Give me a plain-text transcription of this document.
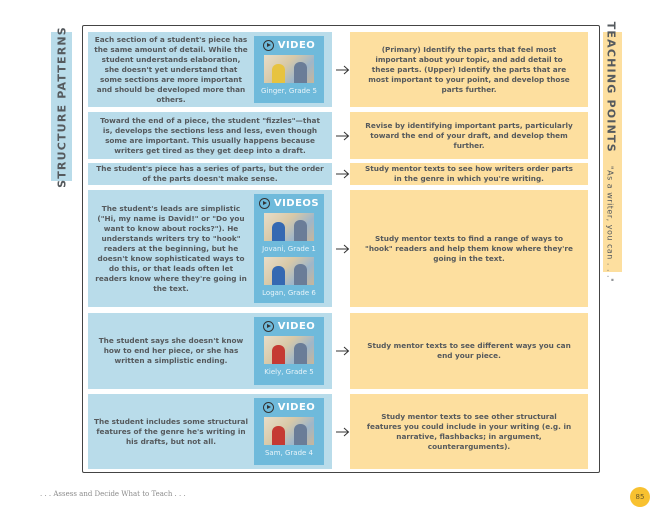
STRUCTURE PATTERNS	TEACHING POINTS "As a writer, you can . . ."
Each section of a student's piece has the same amount of detail. While the student understands elaboration, she doesn't yet understand that some sections are more important and should be developed more than others.
VIDEO
Ginger, Grade 5
(Primary) Identify the parts that feel most important about your topic, and add detail to these parts. (Upper) Identify the parts that are most important to your point, and develop those parts further.
Toward the end of a piece, the student "fizzles"—that is, develops the sections less and less, even though some are important. This usually happens because writers get tired as they get deep into a draft.
Revise by identifying important parts, particularly toward the end of your draft, and develop them further.
The student's piece has a series of parts, but the order of the parts doesn't make sense.
Study mentor texts to see how writers order parts in the genre in which you're writing.
The student's leads are simplistic ("Hi, my name is David!" or "Do you want to know about rocks?"). He understands writers try to "hook" readers at the beginning, but he doesn't know sophisticated ways to do this, or that leads often let readers know where they're going in the text.
VIDEOS
Jovani, Grade 1
Logan, Grade 6
Study mentor texts to find a range of ways to "hook" readers and help them know where they're going in the text.
The student says she doesn't know how to end her piece, or she has written a simplistic ending.
VIDEO
Kiely, Grade 5
Study mentor texts to see different ways you can end your piece.
The student includes some structural features of the genre he's writing in his drafts, but not all.
VIDEO
Sam, Grade 4
Study mentor texts to see other structural features you could include in your writing (e.g. in narrative, flashbacks; in argument, counterarguments).
. . . Assess and Decide What to Teach . . .	85
